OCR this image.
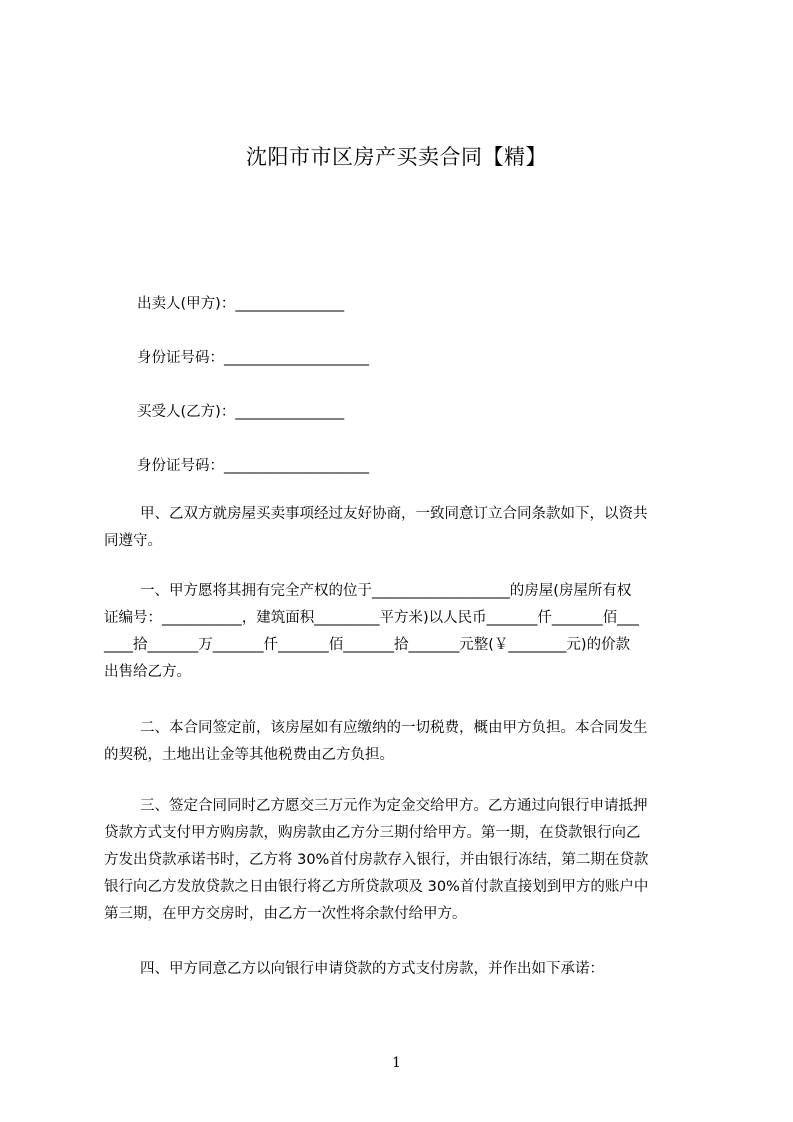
沈阳市市区房产买卖合同【精】
出卖人(甲方)：_______________
身份证号码：____________________
买受人(乙方)：_______________
身份证号码：____________________

甲、乙双方就房屋买卖事项经过友好协商，一致同意订立合同条款如下，以资共

同遵守。

一、甲方愿将其拥有完全产权的位于___________________的房屋(房屋所有权

证编号：___________，建筑面积_________平方米)以人民币_______仟_______佰___

____拾_______万_______仟_______佰_______拾_______元整(￥________元)的价款

出售给乙方。

二、本合同签定前，该房屋如有应缴纳的一切税费，概由甲方负担。本合同发生

的契税，土地出让金等其他税费由乙方负担。

三、签定合同同时乙方愿交三万元作为定金交给甲方。乙方通过向银行申请抵押

贷款方式支付甲方购房款，购房款由乙方分三期付给甲方。第一期，在贷款银行向乙

方发出贷款承诺书时，乙方将 30%首付房款存入银行，并由银行冻结，第二期在贷款

银行向乙方发放贷款之日由银行将乙方所贷款项及 30%首付款直接划到甲方的账户中

第三期，在甲方交房时，由乙方一次性将余款付给甲方。

四、甲方同意乙方以向银行申请贷款的方式支付房款，并作出如下承诺：

1
